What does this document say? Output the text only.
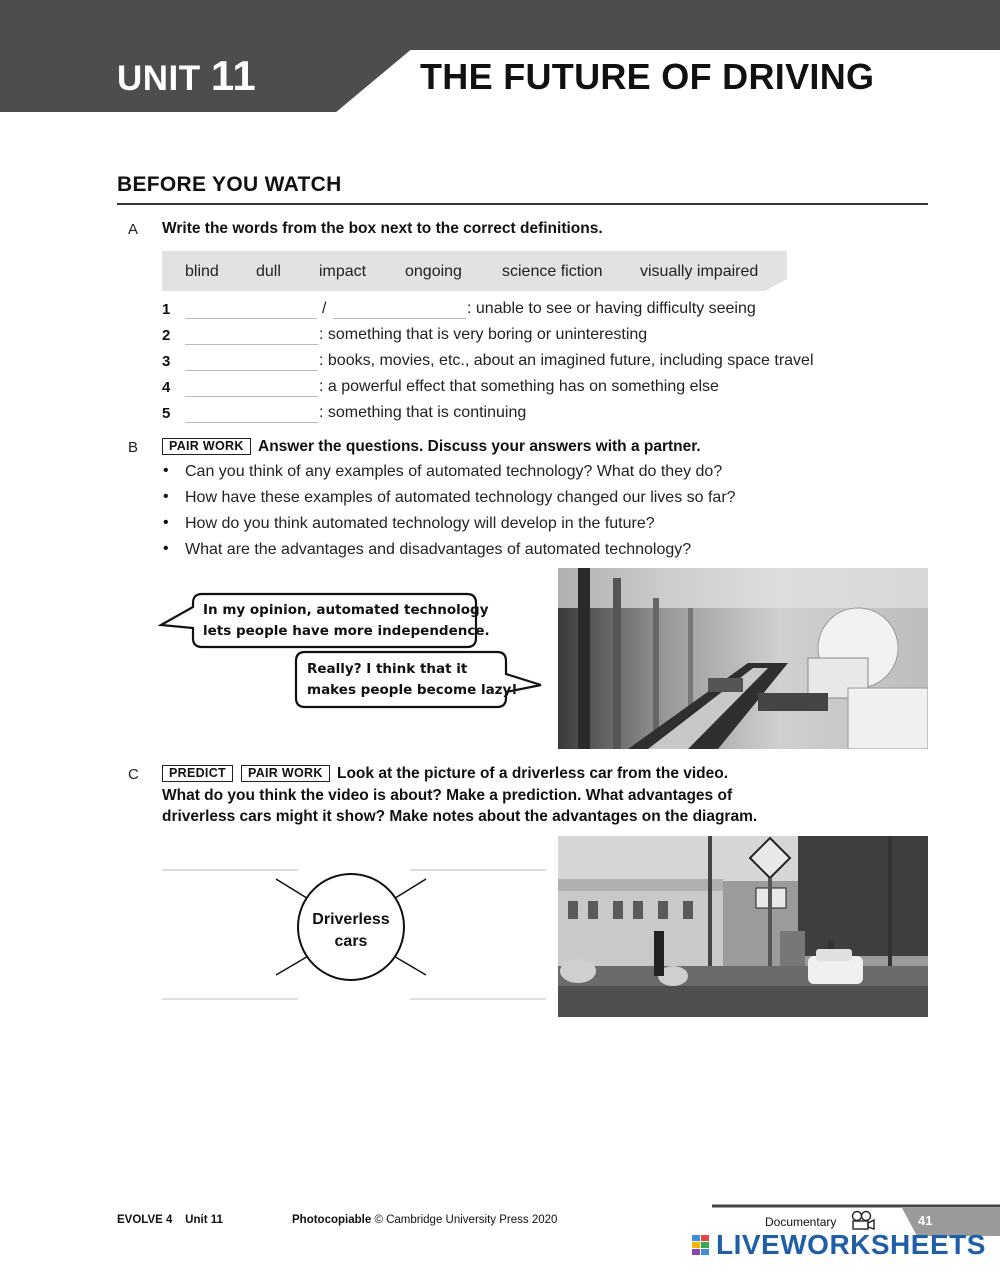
UNIT 11	THE FUTURE OF DRIVING
BEFORE YOU WATCH
A Write the words from the box next to the correct definitions.
blind dull impact ongoing	science fiction visually impaired
1	/	: unable to see or having difficulty seeing
2	: something that is very boring or uninteresting
3	: books, movies, etc., about an imagined future, including space travel
4	: a powerful effect that something has on something else
5	: something that is continuing
B	PAIR WORK Answer the questions. Discuss your answers with a partner.
• Can you think of any examples of automated technology? What do they do?
• How have these examples of automated technology changed our lives so far?
• How do you think automated technology will develop in the future?
• What are the advantages and disadvantages of automated technology?
In my opinion, automated technology
lets people have more independence.
Really? I think that it
makes people become lazy!
C	PREDICT	PAIR WORK Look at the picture of a driverless car from the video.
What do you think the video is about? Make a prediction. What advantages of
driverless cars might it show? Make notes about the advantages on the diagram.
Driverless
cars
EVOLVE 4 Unit 11	Photocopiable © Cambridge University Press 2020	Documentary	41
LIVEWORKSHEETS
